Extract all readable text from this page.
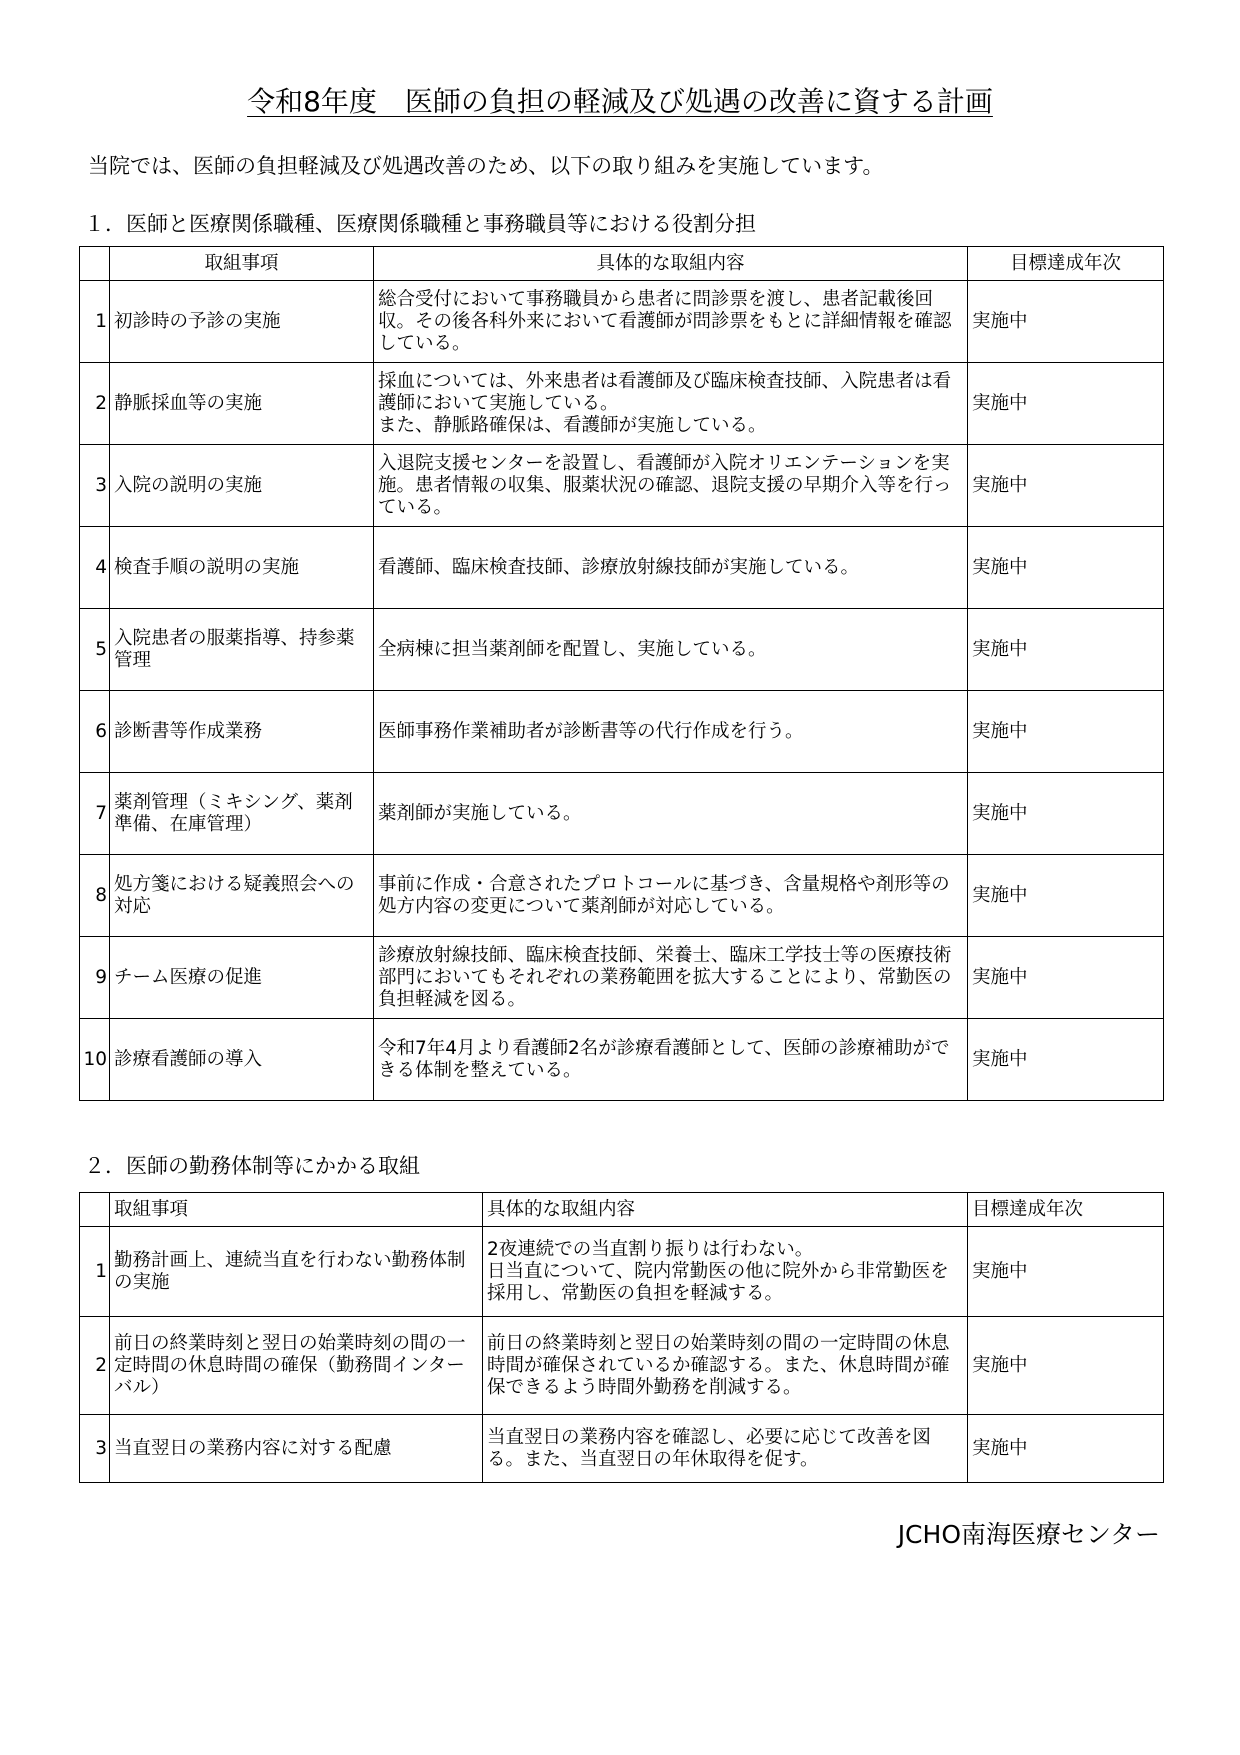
令和8年度　医師の負担の軽減及び処遇の改善に資する計画
当院では、医師の負担軽減及び処遇改善のため、以下の取り組みを実施しています。
１．医師と医療関係職種、医療関係職種と事務職員等における役割分担
	取組事項	具体的な取組内容	目標達成年次
1	初診時の予診の実施	総合受付において事務職員から患者に問診票を渡し、患者記載後回収。その後各科外来において看護師が問診票をもとに詳細情報を確認している。	実施中
2	静脈採血等の実施	採血については、外来患者は看護師及び臨床検査技師、入院患者は看護師において実施している。
また、静脈路確保は、看護師が実施している。	実施中
3	入院の説明の実施	入退院支援センターを設置し、看護師が入院オリエンテーションを実施。患者情報の収集、服薬状況の確認、退院支援の早期介入等を行っている。	実施中
4	検査手順の説明の実施	看護師、臨床検査技師、診療放射線技師が実施している。	実施中
5	入院患者の服薬指導、持参薬管理	全病棟に担当薬剤師を配置し、実施している。	実施中
6	診断書等作成業務	医師事務作業補助者が診断書等の代行作成を行う。	実施中
7	薬剤管理（ミキシング、薬剤準備、在庫管理）	薬剤師が実施している。	実施中
8	処方箋における疑義照会への対応	事前に作成・合意されたプロトコールに基づき、含量規格や剤形等の処方内容の変更について薬剤師が対応している。	実施中
9	チーム医療の促進	診療放射線技師、臨床検査技師、栄養士、臨床工学技士等の医療技術部門においてもそれぞれの業務範囲を拡大することにより、常勤医の負担軽減を図る。	実施中
10	診療看護師の導入	令和7年4月より看護師2名が診療看護師として、医師の診療補助ができる体制を整えている。	実施中
２．医師の勤務体制等にかかる取組
	取組事項	具体的な取組内容	目標達成年次
1	勤務計画上、連続当直を行わない勤務体制の実施	2夜連続での当直割り振りは行わない。
日当直について、院内常勤医の他に院外から非常勤医を採用し、常勤医の負担を軽減する。	実施中
2	前日の終業時刻と翌日の始業時刻の間の一定時間の休息時間の確保（勤務間インターバル）	前日の終業時刻と翌日の始業時刻の間の一定時間の休息時間が確保されているか確認する。また、休息時間が確保できるよう時間外勤務を削減する。	実施中
3	当直翌日の業務内容に対する配慮	当直翌日の業務内容を確認し、必要に応じて改善を図る。また、当直翌日の年休取得を促す。	実施中
JCHO南海医療センター
